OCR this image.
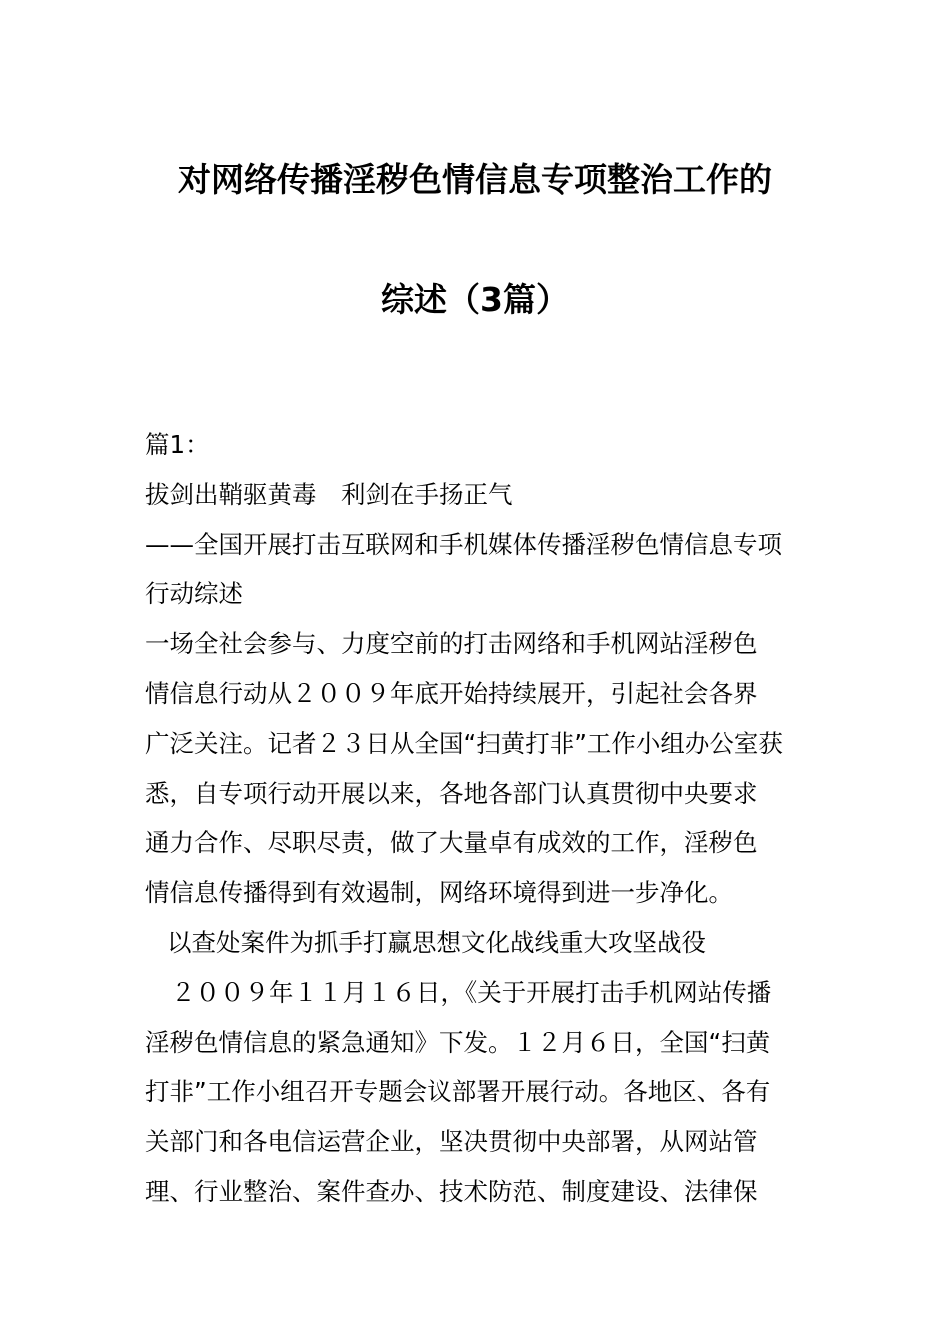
对网络传播淫秽色情信息专项整治工作的
综述（3篇）
篇1：
拔剑出鞘驱黄毒　利剑在手扬正气
——全国开展打击互联网和手机媒体传播淫秽色情信息专项
行动综述
一场全社会参与、力度空前的打击网络和手机网站淫秽色
情信息行动从２００９年底开始持续展开，引起社会各界
广泛关注。记者２３日从全国“扫黄打非”工作小组办公室获
悉，自专项行动开展以来，各地各部门认真贯彻中央要求
通力合作、尽职尽责，做了大量卓有成效的工作，淫秽色
情信息传播得到有效遏制，网络环境得到进一步净化。
以查处案件为抓手打赢思想文化战线重大攻坚战役
２００９年１１月１６日，《关于开展打击手机网站传播
淫秽色情信息的紧急通知》下发。１２月６日，全国“扫黄
打非”工作小组召开专题会议部署开展行动。各地区、各有
关部门和各电信运营企业，坚决贯彻中央部署，从网站管
理、行业整治、案件查办、技术防范、制度建设、法律保
